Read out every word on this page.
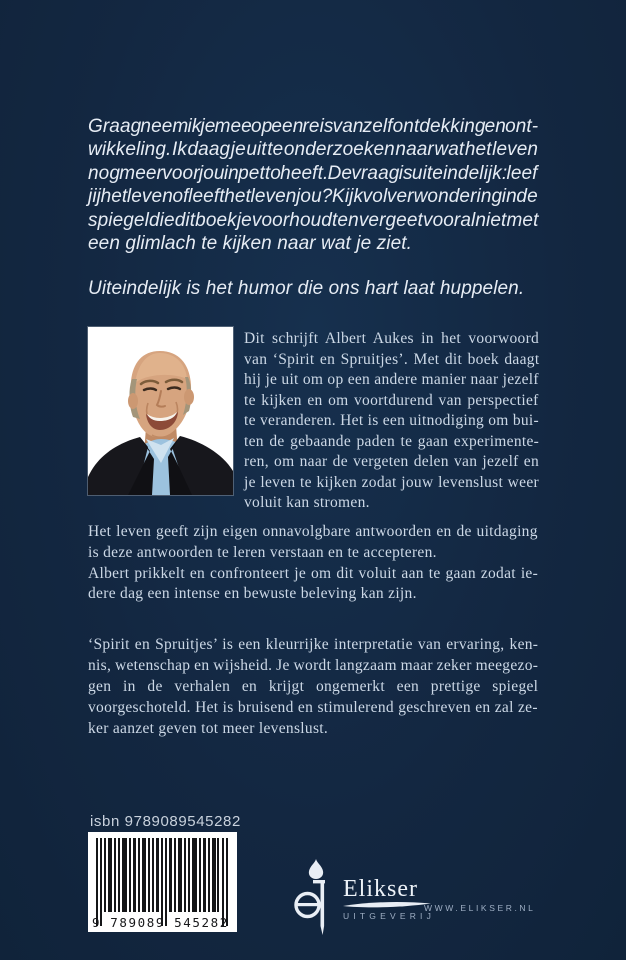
Graag neem ik je mee op een reis van zelfontdekking en ont-
wikkeling. Ik daag je uit te onderzoeken naar wat het leven
nog meer voor jou in petto heeft. De vraag is uiteindelijk: leef
jij het leven of leeft het leven jou? Kijk vol verwondering in de
spiegel die dit boek je voorhoudt en vergeet vooral niet met
een glimlach te kijken naar wat je ziet.
Uiteindelijk is het humor die ons hart laat huppelen.
Dit schrijft Albert Aukes in het voorwoord
van ‘Spirit en Spruitjes’. Met dit boek daagt
hij je uit om op een andere manier naar jezelf
te kijken en om voortdurend van perspectief
te veranderen. Het is een uitnodiging om bui-
ten de gebaande paden te gaan experimente-
ren, om naar de vergeten delen van jezelf en
je leven te kijken zodat jouw levenslust weer
voluit kan stromen.
Het leven geeft zijn eigen onnavolgbare antwoorden en de uitdaging
is deze antwoorden te leren verstaan en te accepteren.
Albert prikkelt en confronteert je om dit voluit aan te gaan zodat ie-
dere dag een intense en bewuste beleving kan zijn.
‘Spirit en Spruitjes’ is een kleurrijke interpretatie van ervaring, ken-
nis, wetenschap en wijsheid. Je wordt langzaam maar zeker meegezo-
gen in de verhalen en krijgt ongemerkt een prettige spiegel
voorgeschoteld. Het is bruisend en stimulerend geschreven en zal ze-
ker aanzet geven tot meer levenslust.
isbn 9789089545282
9 789089 545282
Elikser
UITGEVERIJ
WWW.ELIKSER.NL
